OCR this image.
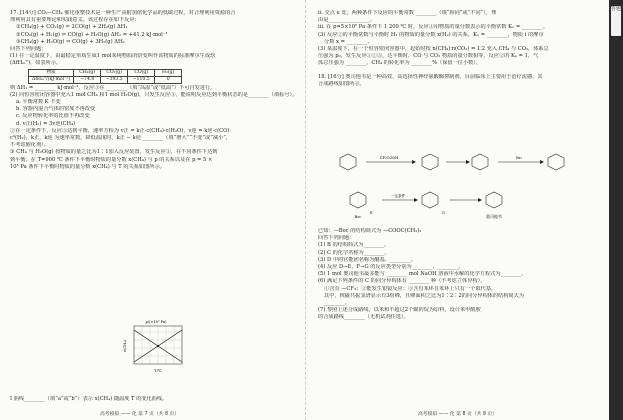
17. [14分] CO₂−CH₄ 催化重整技术是一种生产高附加值化学品的低碳过程，对合理利用资源的合
理利用具有重要理论和实践意义。该过程存在如下反应：
①CH₄(g) + CO₂(g) ⇌ 2CO(g) + 2H₂(g) ΔH₁
②CO₂(g) + H₂(g) ⇌ CO(g) + H₂O(g) ΔH₂ = +41.2 kJ·mol⁻¹
③CH₄(g) + H₂O(g) ⇌ CO(g) + 3H₂(g) ΔH₃
回答下列问题：
(1) 在一定温度下，由最稳定单质生成1 mol某纯物质的焓变叫作该物质的标准摩尔生成焓
(ΔfHₘ°)，如表所示。
物质	CH₄(g)	CO₂(g)	CO(g)	H₂(g)
ΔfHₘ°/(kJ·mol⁻¹)	−74.8	−393.5	−110.5	0
则 ΔH₁ = ________ kJ·mol⁻¹，反应③在 ________（填“高温”或“低温”）下可自发进行。
(2) 向恒容密闭容器中充入1 mol CH₄ 和1 mol H₂O(g)，只发生反应③，能说明反应达到平衡状态的是________（填标号）。
a. 平衡常数 K 不变
b. 容器内混合气体的密度不再改变
c. 反应物转化率的比值不再改变
d. v正(H₂) = 3v逆(CH₄)
②在一定条件下，反应③达到平衡，速率方程为 v正 = k正·c(CH₄)·c(H₂O)，v逆 = k逆·c(CO)·
c³(H₂)，k正、k逆 为速率常数。降低温度时，k正 − k逆 ________（填“增大”“不变”或“减小”，
不考虑催化剂）。
③ CH₄ 与 H₂O(g) 按物质的量之比为1∶1加入反应装置，发生反应③，在不同条件下达到
到平衡。在 T=900 ℃ 条件下平衡时物质的量分数 x(CH₄) 与 p 的关系以及在 p = 5 ×
10⁵ Pa 条件下平衡时物质的量分数 x(CH₄) 与 T 的关系如图所示。
p/(×10⁵ Pa)
T/℃
x(CH₄)
I 曲线________（填“a”或“b”）表示 x(CH₄) 随温度 T 的变化曲线。
ii. 交点 e 处，两种条件下反应的平衡常数 ________（填“相同”或“不同”），理
由是________________。
iii. 在 p=5×10⁵ Pa 条件下 1 200 ℃ 时，反应③用物质的量分数表示的平衡常数 Kₓ = ________。
(3) 反应②的平衡常数与平衡时 H₂ 的物质的量分数 x(H₂) 的关系，Kₓ = ________，物质 i 的摩尔
分数 x = ________。
(3) 某温度下，在一个恒容密闭容器中，起始时按 n(CH₄)∶n(CO₂) = 1∶2 充入 CH₄ 与 CO₂，体系总
压强为 p₀，发生反应①②③，达平衡时，CO 与 CO₂ 物质的量分数相等，反应②的 Kₚ = 1，气
体总压强为 ________，CH₄ 的转化率为 ________%（保留一位小数）。
18. [16分] 奥司他韦是一种高效、高选择性神经氨酸酶抑制剂，目前临床上主要用于治疗流感，其
合成路线如图所示。
CF₃COOH
一定条件
Br₂
奥司他韦
Boc
E	G
已知：—Boc 的结构简式为 —COOC(CH₃)₃
回答下列问题：
(1) B 的结构简式为________。
(2) C 的化学名称为________。
(3) D 中的官能团名称为醚基、________。
(4) 反应 D→E、F→G 的反应类型分别为________、________。
(5) 1 mol 奥司他韦最多能与 ________ mol NaOH 溶液中水解的化学方程式为________。
(6) 满足下列条件的 C 的同分异构体有 ________ 种（不考虑立体异构）。
①含有 —CF₃；②能发生银镜反应；③含有苯环且苯环上只有一个取代基。
其中，核磁共振氢谱显示有3组峰，且峰面积之比为1∶2∶2的同分异构体的结构简式为
________。
(7) 参照上述合成路线，以苯和不超过2个碳的烷为原料，设计苯甲酰胺
的合成路线________（无机试剂任选）。
高考模拟 —— 化 第 7 页（共 8 页）	高考模拟 —— 化 第 8 页（共 8 页）
答题
